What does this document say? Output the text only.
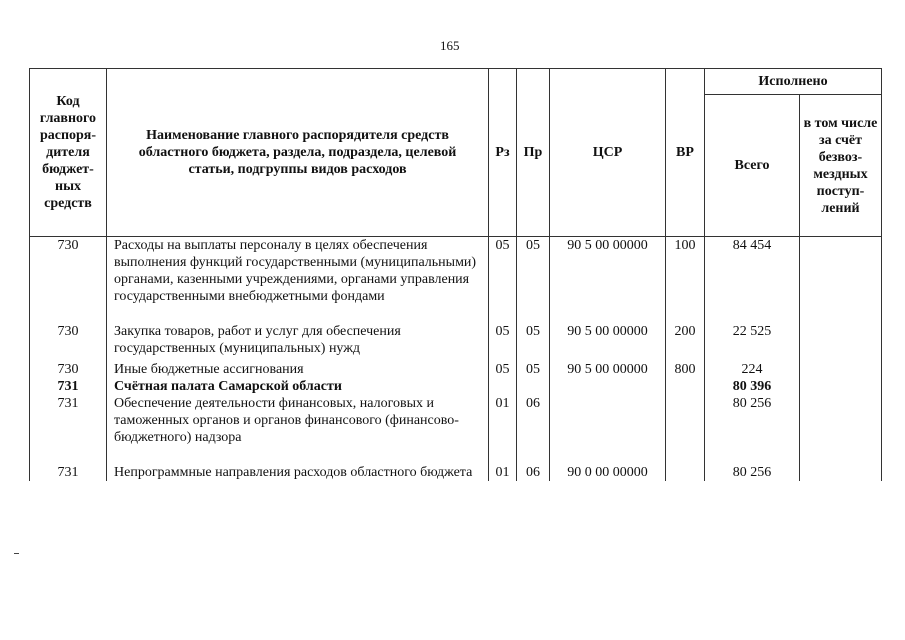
165
Код главного распоря-дителя бюджет-ных средств	Наименование главного распорядителя средств областного бюджета, раздела, подраздела, целевой статьи, подгруппы видов расходов	Рз	Пр	ЦСР	ВР	Исполнено	
						Всего	в том числе за счёт безвоз-мездных поступ-лений
730	Расходы на выплаты персоналу в целях обеспечения выполнения функций государственными (муниципальными) органами, казенными учреждениями, органами управления государственными внебюджетными фондами	05	05	90 5 00 00000	100	84 454	

730	Закупка товаров, работ и услуг для обеспечения государственных (муниципальных) нужд	05	05	90 5 00 00000	200	22 525	

730	Иные бюджетные ассигнования	05	05	90 5 00 00000	800	224	
731	Счётная палата Самарской области					80 396	
731	Обеспечение деятельности финансовых, налоговых и таможенных органов и органов финансового (финансово-бюджетного) надзора	01	06			80 256	

731	Непрограммные направления расходов областного бюджета	01	06	90 0 00 00000		80 256	
